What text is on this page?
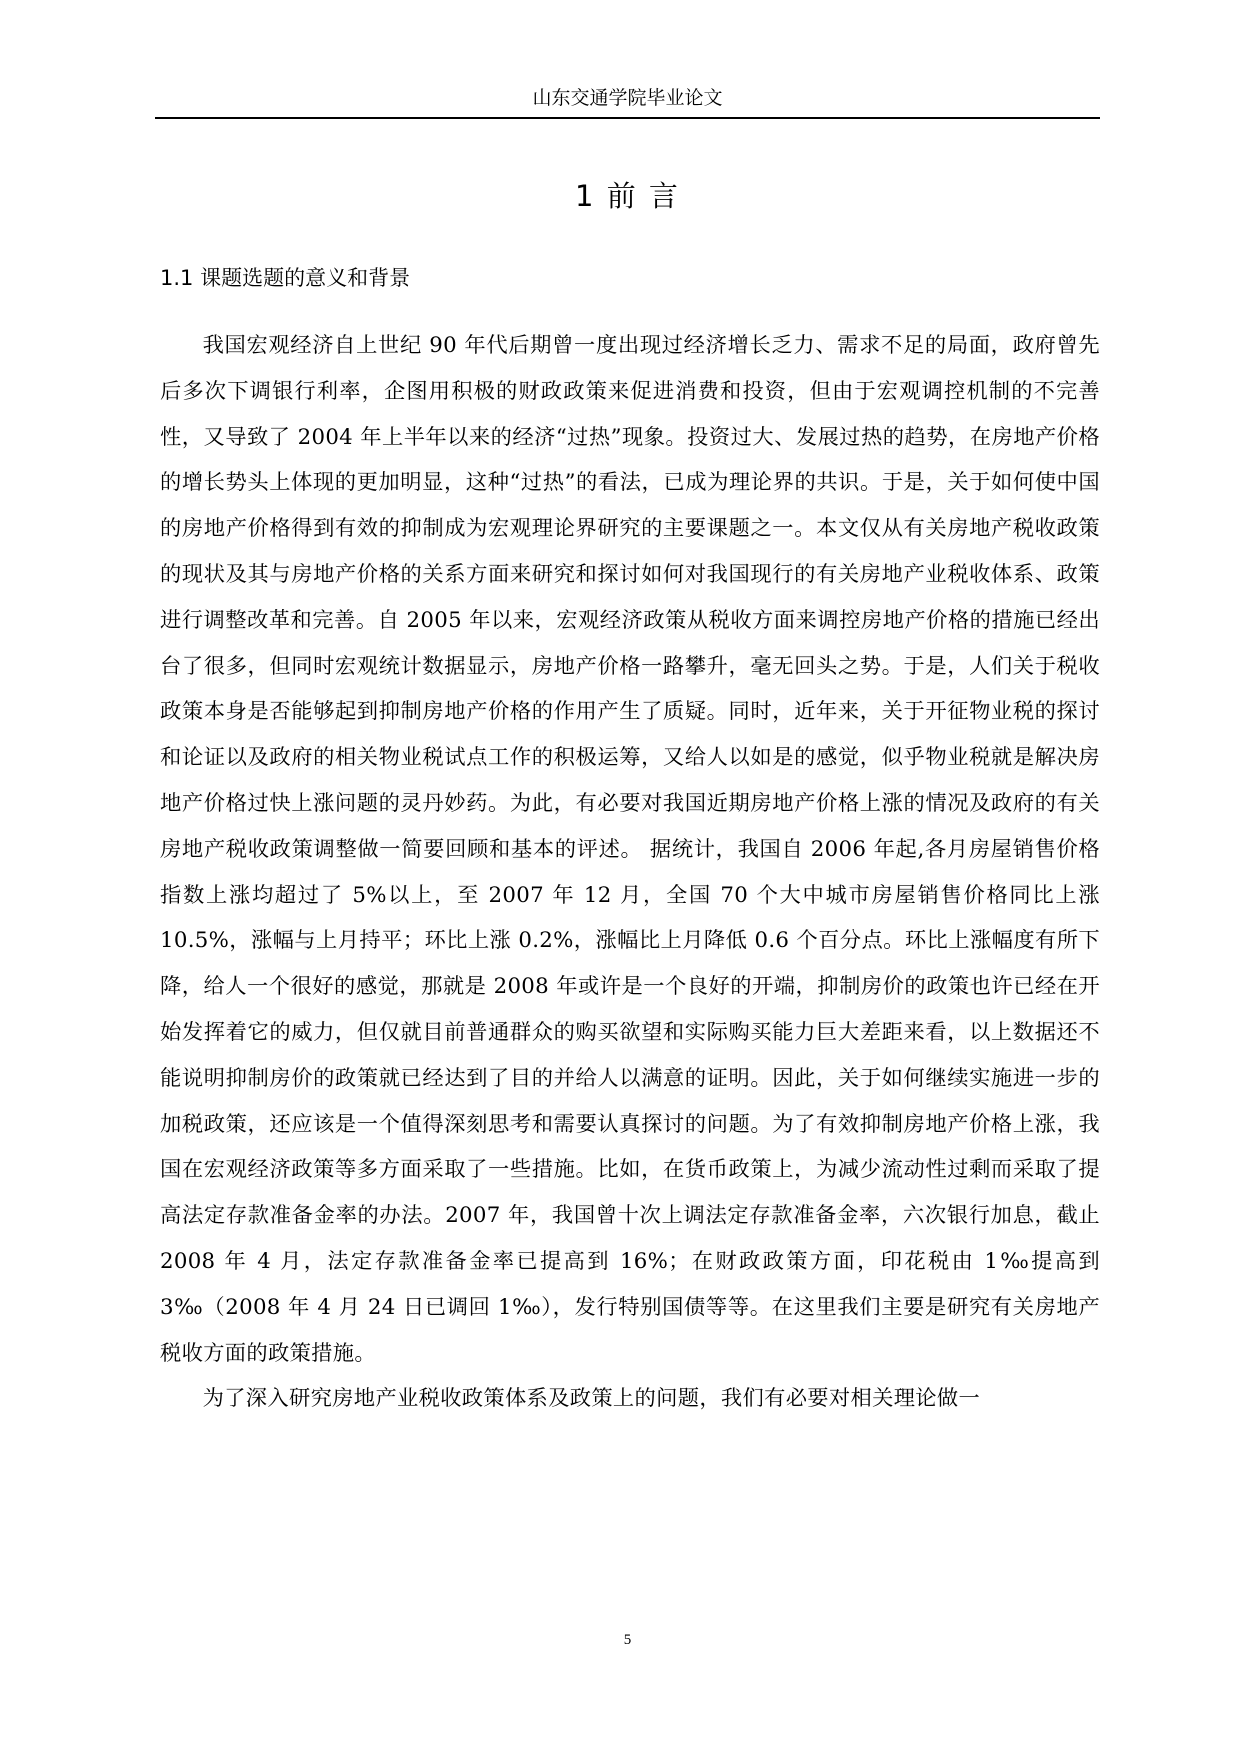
山东交通学院毕业论文
1 前 言
1.1 课题选题的意义和背景

我国宏观经济自上世纪 90 年代后期曾一度出现过经济增长乏力、需求不足的局面，政府曾先后多次下调银行利率，企图用积极的财政政策来促进消费和投资，但由于宏观调控机制的不完善性，又导致了 2004 年上半年以来的经济“过热”现象。投资过大、发展过热的趋势，在房地产价格的增长势头上体现的更加明显，这种“过热”的看法，已成为理论界的共识。于是，关于如何使中国的房地产价格得到有效的抑制成为宏观理论界研究的主要课题之一。本文仅从有关房地产税收政策的现状及其与房地产价格的关系方面来研究和探讨如何对我国现行的有关房地产业税收体系、政策进行调整改革和完善。自 2005 年以来，宏观经济政策从税收方面来调控房地产价格的措施已经出台了很多，但同时宏观统计数据显示，房地产价格一路攀升，毫无回头之势。于是，人们关于税收政策本身是否能够起到抑制房地产价格的作用产生了质疑。同时，近年来，关于开征物业税的探讨和论证以及政府的相关物业税试点工作的积极运筹，又给人以如是的感觉，似乎物业税就是解决房地产价格过快上涨问题的灵丹妙药。为此，有必要对我国近期房地产价格上涨的情况及政府的有关房地产税收政策调整做一简要回顾和基本的评述。 据统计，我国自 2006 年起,各月房屋销售价格指数上涨均超过了 5%以上，至 2007 年 12 月，全国 70 个大中城市房屋销售价格同比上涨 10.5%，涨幅与上月持平；环比上涨 0.2%，涨幅比上月降低 0.6 个百分点。环比上涨幅度有所下降，给人一个很好的感觉，那就是 2008 年或许是一个良好的开端，抑制房价的政策也许已经在开始发挥着它的威力，但仅就目前普通群众的购买欲望和实际购买能力巨大差距来看，以上数据还不能说明抑制房价的政策就已经达到了目的并给人以满意的证明。因此，关于如何继续实施进一步的加税政策，还应该是一个值得深刻思考和需要认真探讨的问题。为了有效抑制房地产价格上涨，我国在宏观经济政策等多方面采取了一些措施。比如，在货币政策上，为减少流动性过剩而采取了提高法定存款准备金率的办法。2007 年，我国曾十次上调法定存款准备金率，六次银行加息，截止 2008 年 4 月，法定存款准备金率已提高到 16%；在财政政策方面，印花税由 1‰提高到 3‰（2008 年 4 月 24 日已调回 1‰），发行特别国债等等。在这里我们主要是研究有关房地产税收方面的政策措施。

为了深入研究房地产业税收政策体系及政策上的问题，我们有必要对相关理论做一

5
